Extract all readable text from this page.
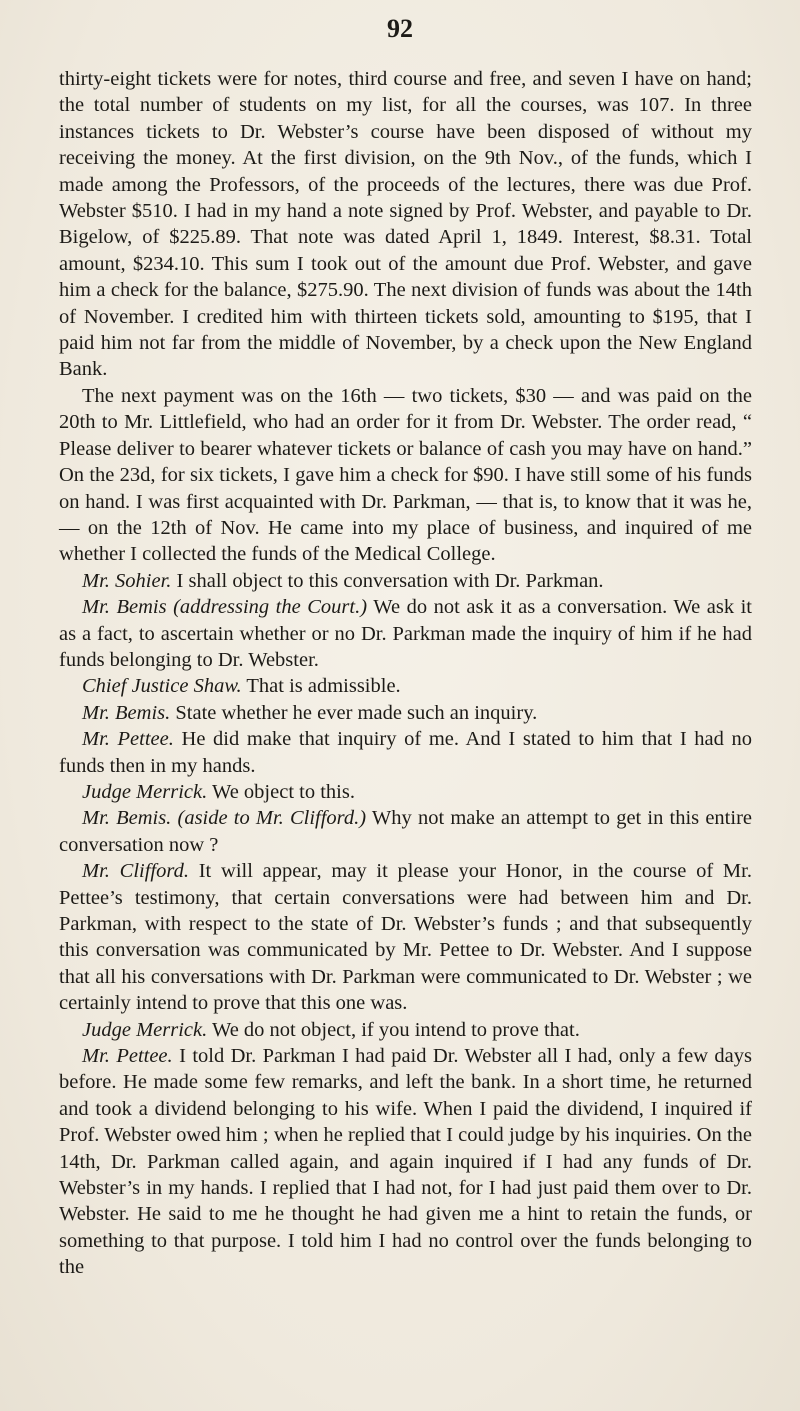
92

thirty-eight tickets were for notes, third course and free, and seven I have on hand; the total number of students on my list, for all the courses, was 107. In three instances tickets to Dr. Webster’s course have been disposed of without my receiving the money. At the first division, on the 9th Nov., of the funds, which I made among the Professors, of the proceeds of the lectures, there was due Prof. Webster $510. I had in my hand a note signed by Prof. Webster, and payable to Dr. Bigelow, of $225.89. That note was dated April 1, 1849. Interest, $8.31. Total amount, $234.10. This sum I took out of the amount due Prof. Webster, and gave him a check for the balance, $275.90. The next division of funds was about the 14th of November. I credited him with thirteen tickets sold, amounting to $195, that I paid him not far from the middle of November, by a check upon the New England Bank.

The next payment was on the 16th — two tickets, $30 — and was paid on the 20th to Mr. Littlefield, who had an order for it from Dr. Webster. The order read, “ Please deliver to bearer whatever tickets or balance of cash you may have on hand.” On the 23d, for six tickets, I gave him a check for $90. I have still some of his funds on hand. I was first acquainted with Dr. Parkman, — that is, to know that it was he, — on the 12th of Nov. He came into my place of business, and inquired of me whether I collected the funds of the Medical College.

Mr. Sohier. I shall object to this conversation with Dr. Parkman.

Mr. Bemis (addressing the Court.) We do not ask it as a conversation. We ask it as a fact, to ascertain whether or no Dr. Parkman made the inquiry of him if he had funds belonging to Dr. Webster.

Chief Justice Shaw. That is admissible.

Mr. Bemis. State whether he ever made such an inquiry.

Mr. Pettee. He did make that inquiry of me. And I stated to him that I had no funds then in my hands.

Judge Merrick. We object to this.

Mr. Bemis. (aside to Mr. Clifford.) Why not make an attempt to get in this entire conversation now ?

Mr. Clifford. It will appear, may it please your Honor, in the course of Mr. Pettee’s testimony, that certain conversations were had between him and Dr. Parkman, with respect to the state of Dr. Webster’s funds ; and that subsequently this conversation was communicated by Mr. Pettee to Dr. Webster. And I suppose that all his conversations with Dr. Parkman were communicated to Dr. Webster ; we certainly intend to prove that this one was.

Judge Merrick. We do not object, if you intend to prove that.

Mr. Pettee. I told Dr. Parkman I had paid Dr. Webster all I had, only a few days before. He made some few remarks, and left the bank. In a short time, he returned and took a dividend belonging to his wife. When I paid the dividend, I inquired if Prof. Webster owed him ; when he replied that I could judge by his inquiries. On the 14th, Dr. Parkman called again, and again inquired if I had any funds of Dr. Webster’s in my hands. I replied that I had not, for I had just paid them over to Dr. Webster. He said to me he thought he had given me a hint to retain the funds, or something to that purpose. I told him I had no control over the funds belonging to the
